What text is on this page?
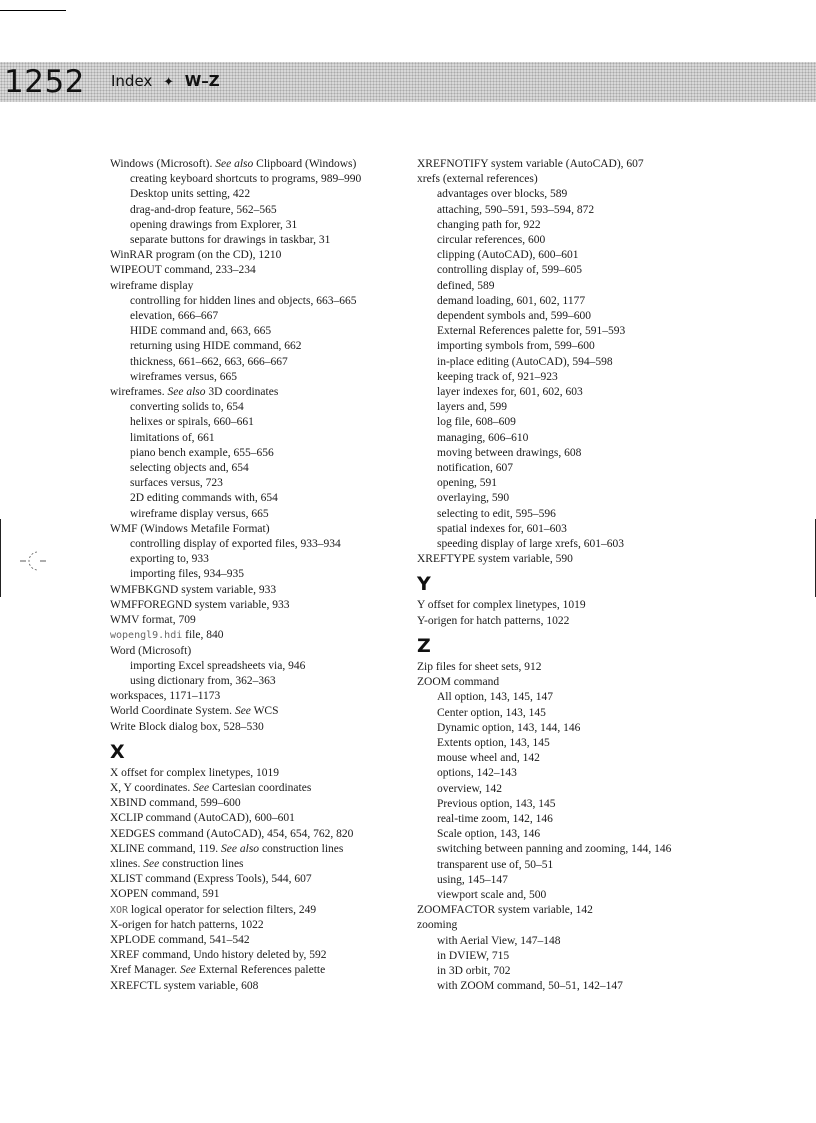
1252 Index ✦ W–Z
Windows (Microsoft). See also Clipboard (Windows)
creating keyboard shortcuts to programs, 989–990
Desktop units setting, 422
drag-and-drop feature, 562–565
opening drawings from Explorer, 31
separate buttons for drawings in taskbar, 31
WinRAR program (on the CD), 1210
WIPEOUT command, 233–234
wireframe display
controlling for hidden lines and objects, 663–665
elevation, 666–667
HIDE command and, 663, 665
returning using HIDE command, 662
thickness, 661–662, 663, 666–667
wireframes versus, 665
wireframes. See also 3D coordinates
converting solids to, 654
helixes or spirals, 660–661
limitations of, 661
piano bench example, 655–656
selecting objects and, 654
surfaces versus, 723
2D editing commands with, 654
wireframe display versus, 665
WMF (Windows Metafile Format)
controlling display of exported files, 933–934
exporting to, 933
importing files, 934–935
WMFBKGND system variable, 933
WMFFOREGND system variable, 933
WMV format, 709
wopengl9.hdi file, 840
Word (Microsoft)
importing Excel spreadsheets via, 946
using dictionary from, 362–363
workspaces, 1171–1173
World Coordinate System. See WCS
Write Block dialog box, 528–530
X
X offset for complex linetypes, 1019
X, Y coordinates. See Cartesian coordinates
XBIND command, 599–600
XCLIP command (AutoCAD), 600–601
XEDGES command (AutoCAD), 454, 654, 762, 820
XLINE command, 119. See also construction lines
xlines. See construction lines
XLIST command (Express Tools), 544, 607
XOPEN command, 591
XOR logical operator for selection filters, 249
X-origen for hatch patterns, 1022
XPLODE command, 541–542
XREF command, Undo history deleted by, 592
Xref Manager. See External References palette
XREFCTL system variable, 608
XREFNOTIFY system variable (AutoCAD), 607
xrefs (external references)
advantages over blocks, 589
attaching, 590–591, 593–594, 872
changing path for, 922
circular references, 600
clipping (AutoCAD), 600–601
controlling display of, 599–605
defined, 589
demand loading, 601, 602, 1177
dependent symbols and, 599–600
External References palette for, 591–593
importing symbols from, 599–600
in-place editing (AutoCAD), 594–598
keeping track of, 921–923
layer indexes for, 601, 602, 603
layers and, 599
log file, 608–609
managing, 606–610
moving between drawings, 608
notification, 607
opening, 591
overlaying, 590
selecting to edit, 595–596
spatial indexes for, 601–603
speeding display of large xrefs, 601–603
XREFTYPE system variable, 590
Y
Y offset for complex linetypes, 1019
Y-origen for hatch patterns, 1022
Z
Zip files for sheet sets, 912
ZOOM command
All option, 143, 145, 147
Center option, 143, 145
Dynamic option, 143, 144, 146
Extents option, 143, 145
mouse wheel and, 142
options, 142–143
overview, 142
Previous option, 143, 145
real-time zoom, 142, 146
Scale option, 143, 146
switching between panning and zooming, 144, 146
transparent use of, 50–51
using, 145–147
viewport scale and, 500
ZOOMFACTOR system variable, 142
zooming
with Aerial View, 147–148
in DVIEW, 715
in 3D orbit, 702
with ZOOM command, 50–51, 142–147
